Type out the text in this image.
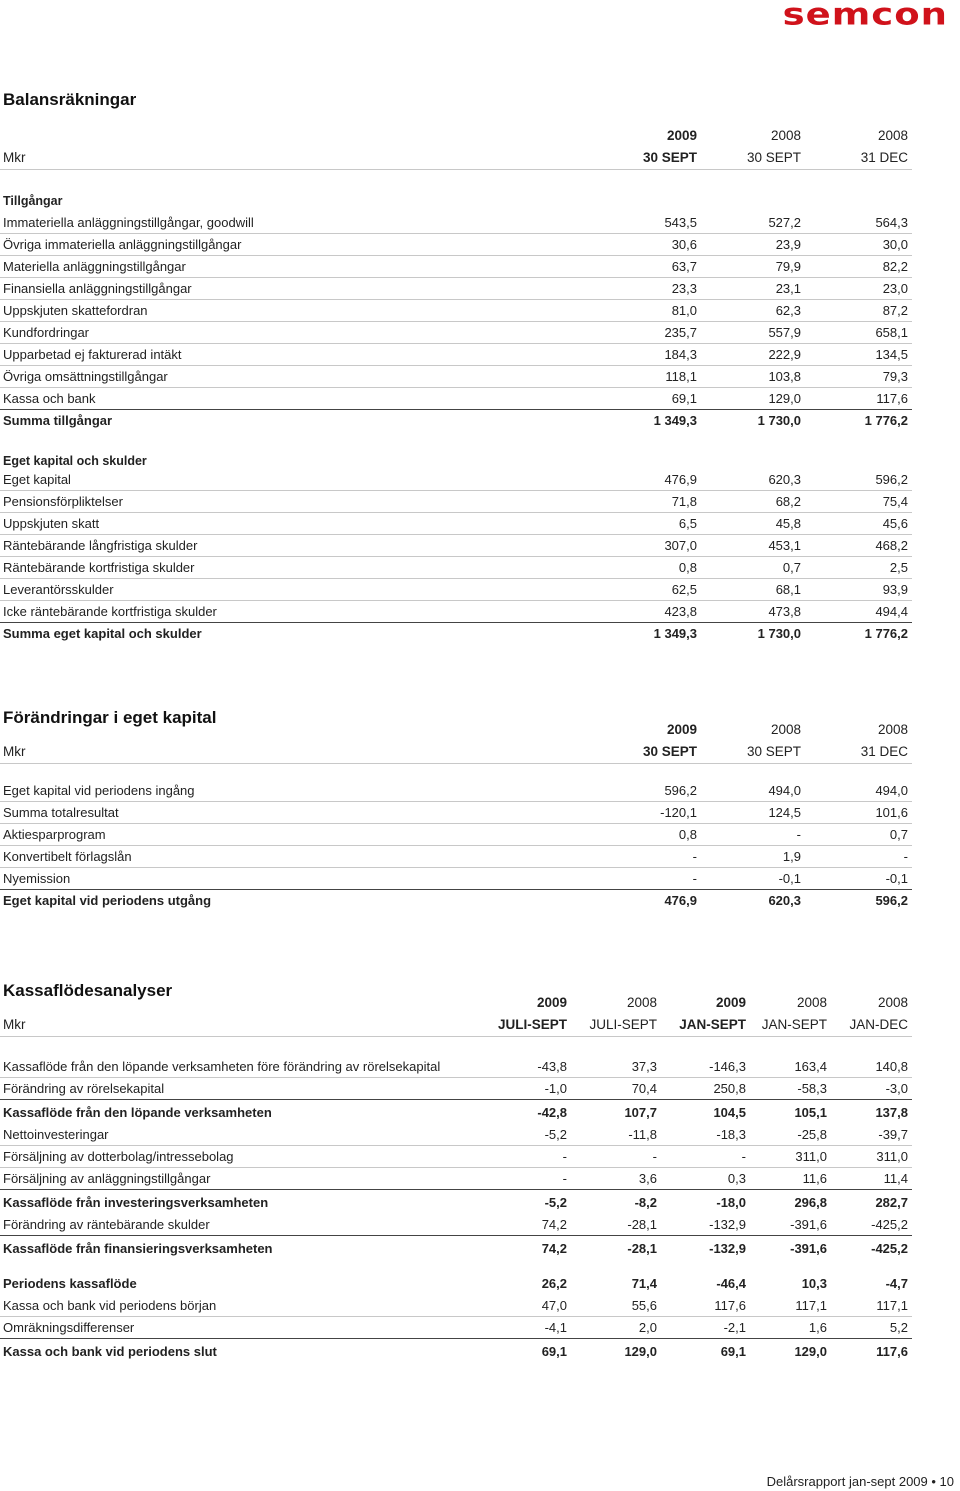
semcon
Balansräkningar
	2009	2008	2008
Mkr	30 SEPT	30 SEPT	31 DEC

Tillgångar			
Immateriella anläggningstillgångar, goodwill	543,5	527,2	564,3
Övriga immateriella anläggningstillgångar	30,6	23,9	30,0
Materiella anläggningstillgångar	63,7	79,9	82,2
Finansiella anläggningstillgångar	23,3	23,1	23,0
Uppskjuten skattefordran	81,0	62,3	87,2
Kundfordringar	235,7	557,9	658,1
Upparbetad ej fakturerad intäkt	184,3	222,9	134,5
Övriga omsättningstillgångar	118,1	103,8	79,3
Kassa och bank	69,1	129,0	117,6
Summa tillgångar	1 349,3	1 730,0	1 776,2

Eget kapital och skulder			
Eget kapital	476,9	620,3	596,2
Pensionsförpliktelser	71,8	68,2	75,4
Uppskjuten skatt	6,5	45,8	45,6
Räntebärande långfristiga skulder	307,0	453,1	468,2
Räntebärande kortfristiga skulder	0,8	0,7	2,5
Leverantörsskulder	62,5	68,1	93,9
Icke räntebärande kortfristiga skulder	423,8	473,8	494,4
Summa eget kapital och skulder	1 349,3	1 730,0	1 776,2
Förändringar i eget kapital
	2009	2008	2008
Mkr	30 SEPT	30 SEPT	31 DEC

Eget kapital vid periodens ingång	596,2	494,0	494,0
Summa totalresultat	-120,1	124,5	101,6
Aktiesparprogram	0,8	-	0,7
Konvertibelt förlagslån	-	1,9	-
Nyemission	-	-0,1	-0,1
Eget kapital vid periodens utgång	476,9	620,3	596,2
Kassaflödesanalyser
	2009	2008	2009	2008	2008
Mkr	JULI-SEPT	JULI-SEPT	JAN-SEPT	JAN-SEPT	JAN-DEC

Kassaflöde från den löpande verksamheten före förändring av rörelsekapital	-43,8	37,3	-146,3	163,4	140,8
Förändring av rörelsekapital	-1,0	70,4	250,8	-58,3	-3,0
Kassaflöde från den löpande verksamheten	-42,8	107,7	104,5	105,1	137,8
Nettoinvesteringar	-5,2	-11,8	-18,3	-25,8	-39,7
Försäljning av dotterbolag/intressebolag	-	-	-	311,0	311,0
Försäljning av anläggningstillgångar	-	3,6	0,3	11,6	11,4
Kassaflöde från investeringsverksamheten	-5,2	-8,2	-18,0	296,8	282,7
Förändring av räntebärande skulder	74,2	-28,1	-132,9	-391,6	-425,2
Kassaflöde från finansieringsverksamheten	74,2	-28,1	-132,9	-391,6	-425,2

Periodens kassaflöde	26,2	71,4	-46,4	10,3	-4,7
Kassa och bank vid periodens början	47,0	55,6	117,6	117,1	117,1
Omräkningsdifferenser	-4,1	2,0	-2,1	1,6	5,2
Kassa och bank vid periodens slut	69,1	129,0	69,1	129,0	117,6
Delårsrapport jan-sept 2009 • 10
